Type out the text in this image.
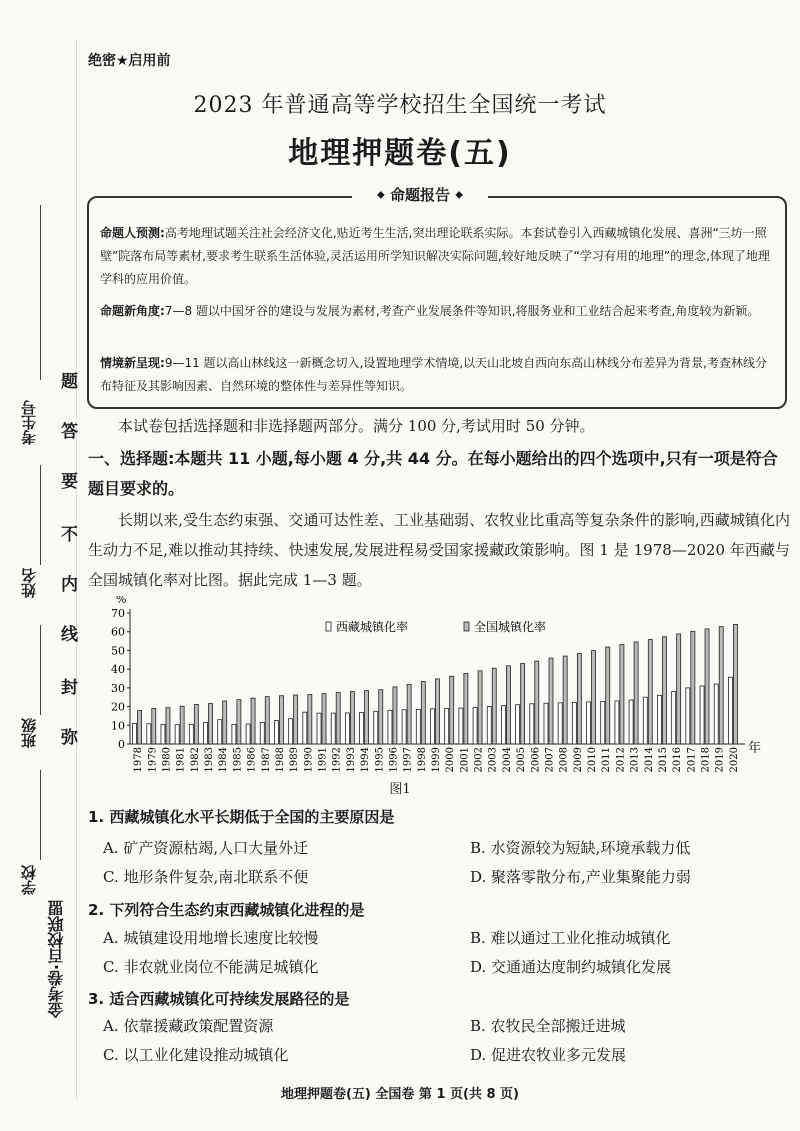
考生号
姓名
班级
学校
金考卷·百校联盟
题
答
要
不
内
线
封
弥
绝密★启用前
2023 年普通高等学校招生全国统一考试
地理押题卷(五)
◆ 命题报告 ◆
命题人预测:高考地理试题关注社会经济文化,贴近考生生活,突出理论联系实际。本套试卷引入西藏城镇化发展、喜洲“三坊一照壁”院落布局等素材,要求考生联系生活体验,灵活运用所学知识解决实际问题,较好地反映了“学习有用的地理”的理念,体现了地理学科的应用价值。
命题新角度:7—8 题以中国牙谷的建设与发展为素材,考查产业发展条件等知识,将服务业和工业结合起来考查,角度较为新颖。
情境新呈现:9—11 题以高山林线这一新概念切入,设置地理学术情境,以天山北坡自西向东高山林线分布差异为背景,考查林线分布特征及其影响因素、自然环境的整体性与差异性等知识。
本试卷包括选择题和非选择题两部分。满分 100 分,考试用时 50 分钟。
一、选择题:本题共 11 小题,每小题 4 分,共 44 分。在每小题给出的四个选项中,只有一项是符合题目要求的。
长期以来,受生态约束强、交通可达性差、工业基础弱、农牧业比重高等复杂条件的影响,西藏城镇化内生动力不足,难以推动其持续、快速发展,发展进程易受国家援藏政策影响。图 1 是 1978—2020 年西藏与全国城镇化率对比图。据此完成 1—3 题。
%
0
10
20
30
40
50
60
70
1978 1979 1980 1981 1982 1983 1984 1985 1986 1987 1988 1989 1990 1991 1992 1993 1994 1995 1996 1997 1998 1999 2000 2001 2002 2003 2004 2005 2006 2007 2008 2009 2010 2011 2012 2013 2014 2015 2016 2017 2018 2019 2020 年
西藏城镇化率	全国城镇化率
图1
1. 西藏城镇化水平长期低于全国的主要原因是
A. 矿产资源枯竭,人口大量外迁	B. 水资源较为短缺,环境承载力低
C. 地形条件复杂,南北联系不便	D. 聚落零散分布,产业集聚能力弱
2. 下列符合生态约束西藏城镇化进程的是
A. 城镇建设用地增长速度比较慢	B. 难以通过工业化推动城镇化
C. 非农就业岗位不能满足城镇化	D. 交通通达度制约城镇化发展
3. 适合西藏城镇化可持续发展路径的是
A. 依靠援藏政策配置资源	B. 农牧民全部搬迁进城
C. 以工业化建设推动城镇化	D. 促进农牧业多元发展
地理押题卷(五) 全国卷 第 1 页(共 8 页)
